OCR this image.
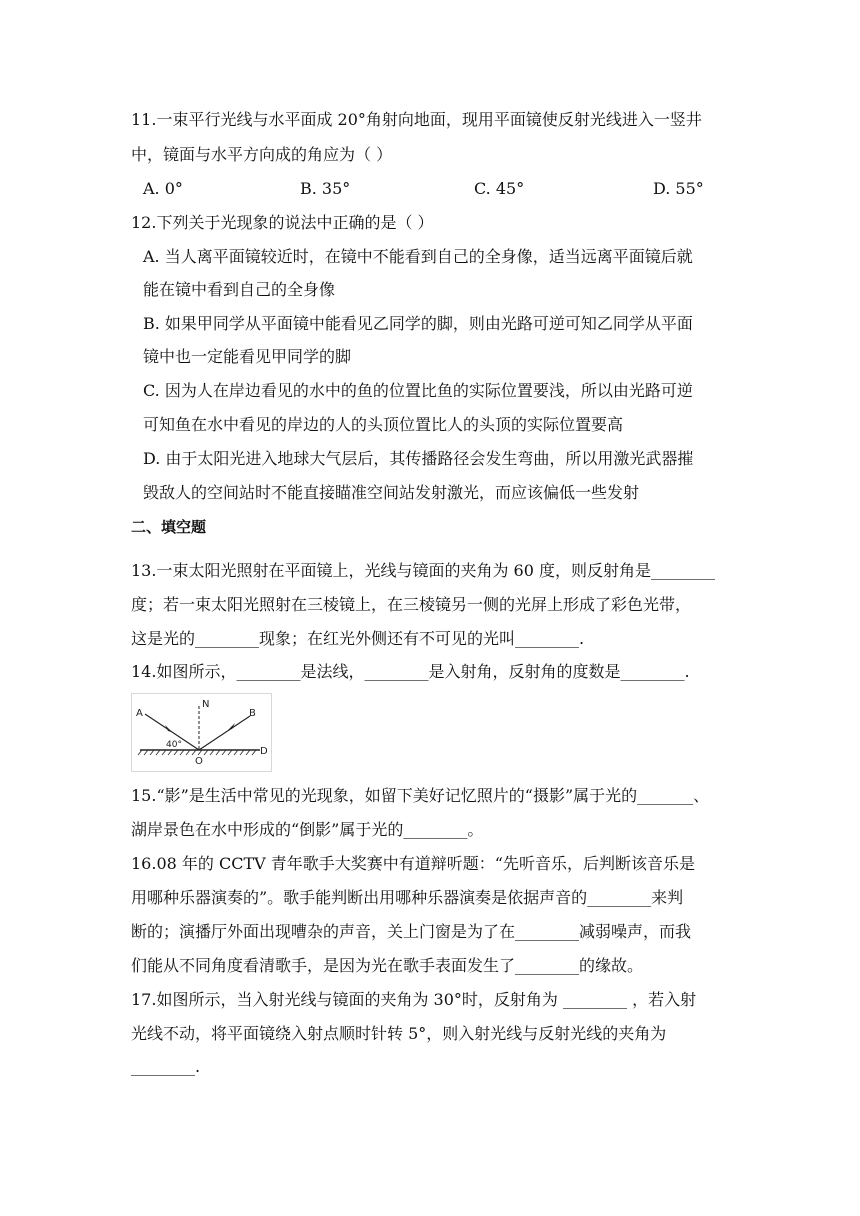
11.一束平行光线与水平面成 20°角射向地面，现用平面镜使反射光线进入一竖井
中，镜面与水平方向成的角应为（ ）
A. 0°	B. 35°	C. 45°	D. 55°
12.下列关于光现象的说法中正确的是（ ）
A. 当人离平面镜较近时，在镜中不能看到自己的全身像，适当远离平面镜后就
能在镜中看到自己的全身像
B. 如果甲同学从平面镜中能看见乙同学的脚，则由光路可逆可知乙同学从平面
镜中也一定能看见甲同学的脚
C. 因为人在岸边看见的水中的鱼的位置比鱼的实际位置要浅，所以由光路可逆
可知鱼在水中看见的岸边的人的头顶位置比人的头顶的实际位置要高
D. 由于太阳光进入地球大气层后，其传播路径会发生弯曲，所以用激光武器摧
毁敌人的空间站时不能直接瞄准空间站发射激光，而应该偏低一些发射
二、填空题
13.一束太阳光照射在平面镜上，光线与镜面的夹角为 60 度，则反射角是________
度；若一束太阳光照射在三棱镜上，在三棱镜另一侧的光屏上形成了彩色光带，
这是光的________现象；在红光外侧还有不可见的光叫________.
14.如图所示，________是法线，________是入射角，反射角的度数是________.
A
N
B
O
D
40°
15.“影”是生活中常见的光现象，如留下美好记忆照片的“摄影”属于光的_______、
湖岸景色在水中形成的“倒影”属于光的________。
16.08 年的 CCTV 青年歌手大奖赛中有道辩听题：“先听音乐，后判断该音乐是
用哪种乐器演奏的”。歌手能判断出用哪种乐器演奏是依据声音的________来判
断的；演播厅外面出现嘈杂的声音，关上门窗是为了在________减弱噪声，而我
们能从不同角度看清歌手，是因为光在歌手表面发生了________的缘故。
17.如图所示，当入射光线与镜面的夹角为 30°时，反射角为 ________ ，若入射
光线不动，将平面镜绕入射点顺时针转 5°，则入射光线与反射光线的夹角为
________.
